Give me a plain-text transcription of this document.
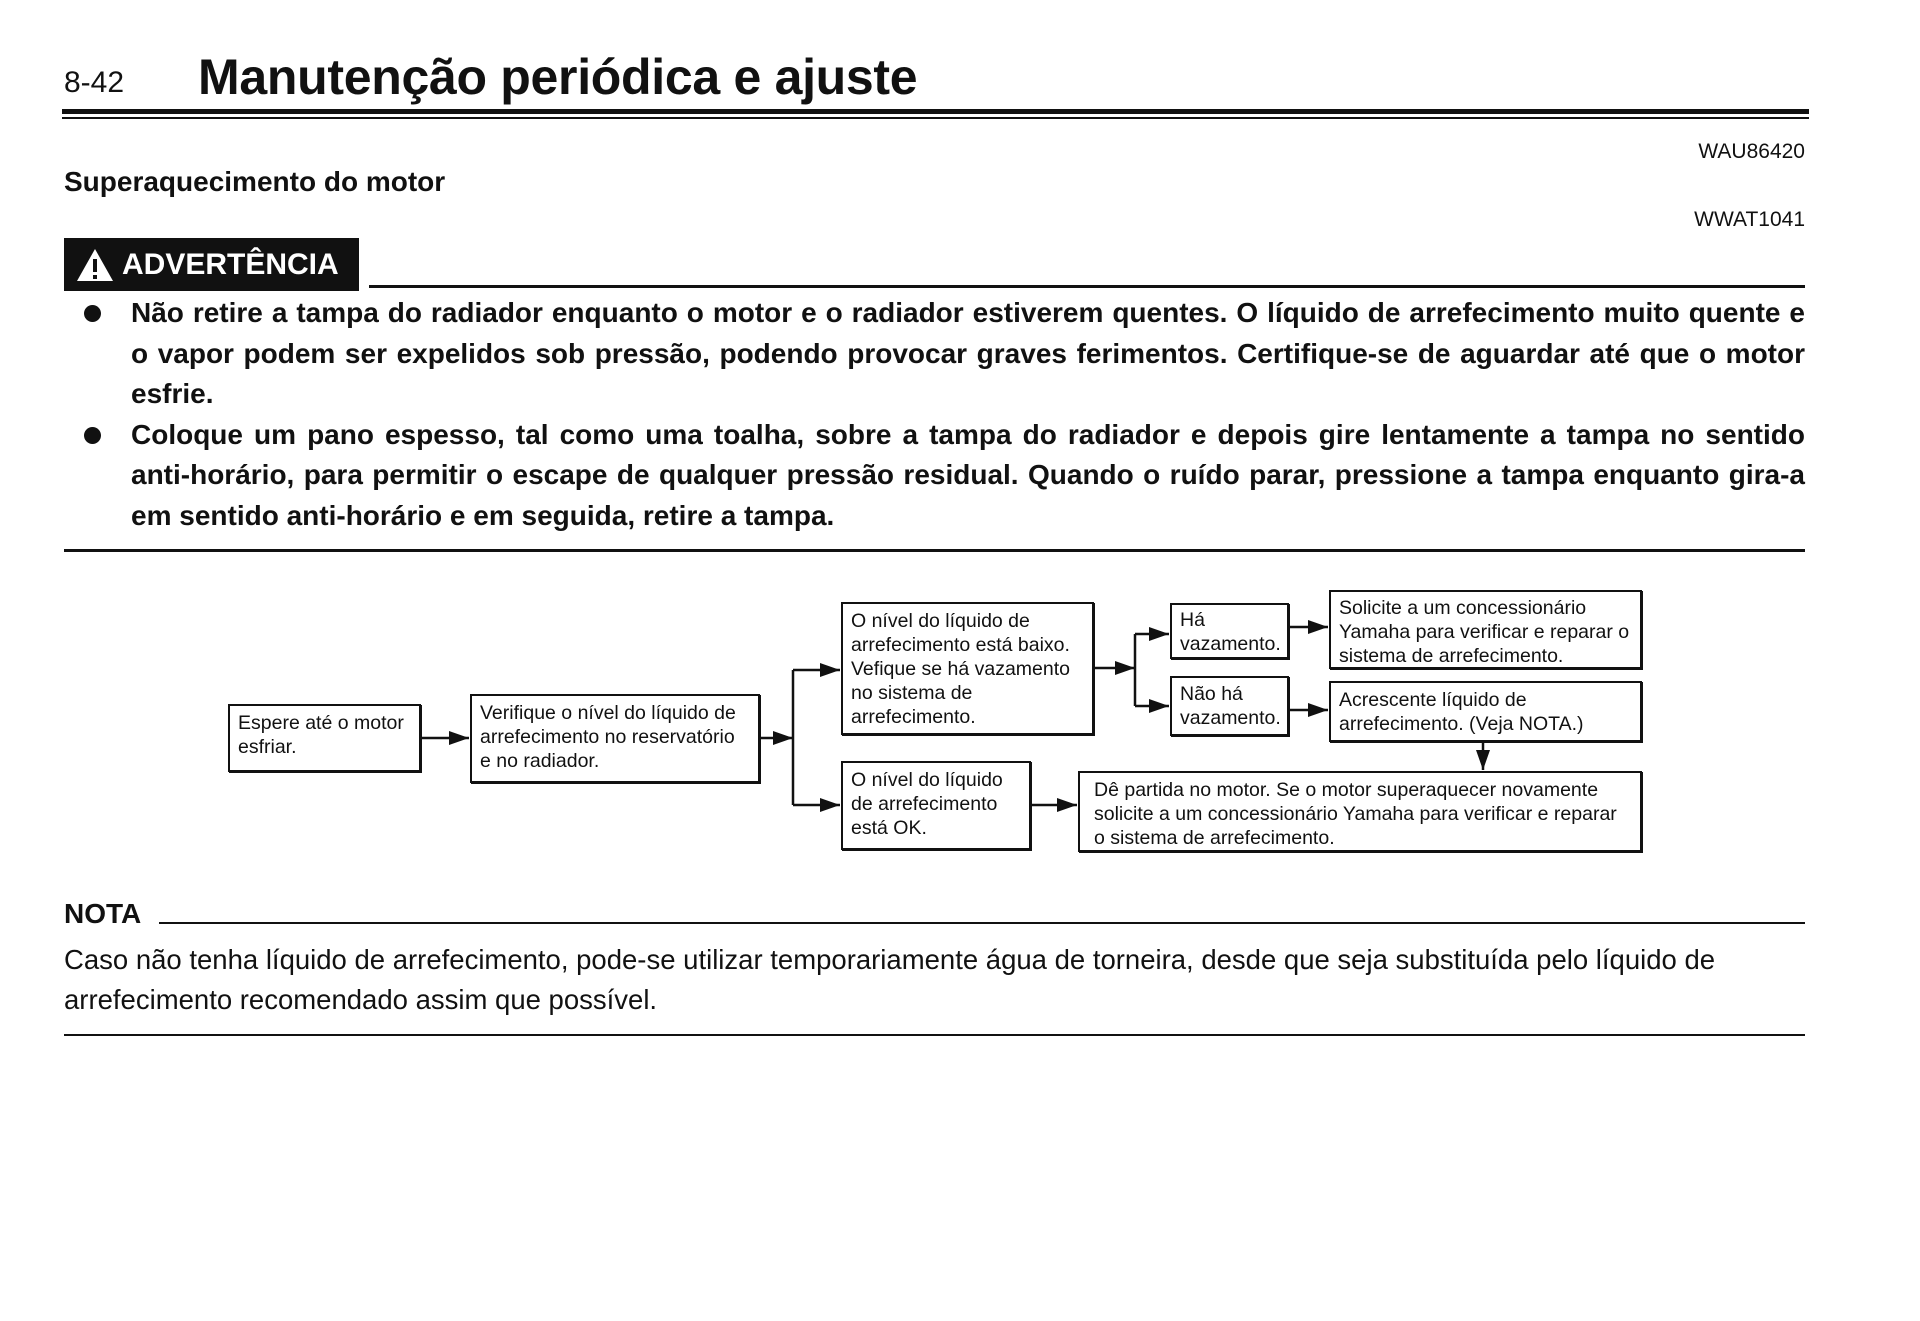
8-42 Manutenção periódica e ajuste
WAU86420
Superaquecimento do motor
WWAT1041
ADVERTÊNCIA
Não retire a tampa do radiador enquanto o motor e o radiador estiverem quentes. O líquido de arrefecimento muito quente e o vapor podem ser expelidos sob pressão, podendo provocar graves ferimentos. Certifique-se de aguardar até que o motor esfrie.
Coloque um pano espesso, tal como uma toalha, sobre a tampa do radiador e depois gire lentamente a tampa no sentido anti-horário, para permitir o escape de qualquer pressão residual. Quando o ruído parar, pressione a tampa enquanto gira-a em sentido anti-horário e em seguida, retire a tampa.
Espere até o motor esfriar.
Verifique o nível do líquido de arrefecimento no reservatório e no radiador.
O nível do líquido de arrefecimento está baixo. Vefique se há vazamento no sistema de arrefecimento.
O nível do líquido de arrefecimento está OK.
Há vazamento.
Não há vazamento.
Solicite a um concessionário Yamaha para verificar e reparar o sistema de arrefecimento.
Acrescente líquido de arrefecimento. (Veja NOTA.)
Dê partida no motor. Se o motor superaquecer novamente solicite a um concessionário Yamaha para verificar e reparar o sistema de arrefecimento.
NOTA
Caso não tenha líquido de arrefecimento, pode-se utilizar temporariamente água de torneira, desde que seja substituída pelo líquido de arrefecimento recomendado assim que possível.
